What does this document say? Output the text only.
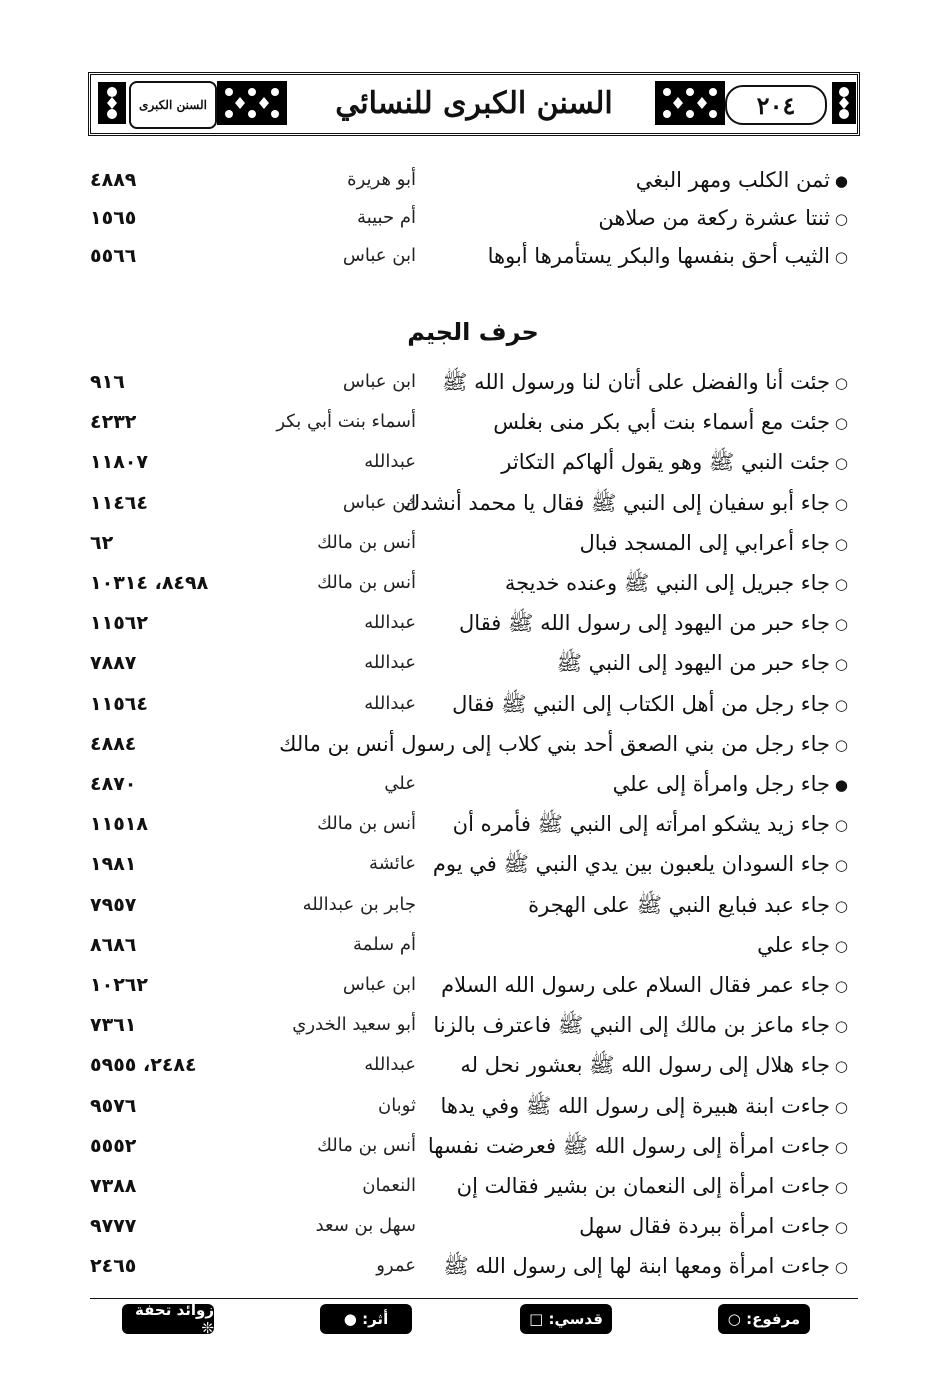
السنن الكبرى	السنن الكبرى للنسائي	٢٠٤
●ثمن الكلب ومهر البغي
أبو هريرة
٤٨٨٩
○ثنتا عشرة ركعة من صلاهن
أم حبيبة
١٥٦٥
○الثيب أحق بنفسها والبكر يستأمرها أبوها
ابن عباس
٥٥٦٦
حرف الجيم
○جئت أنا والفضل على أتان لنا ورسول الله ﷺ
ابن عباس
٩١٦
○جئت مع أسماء بنت أبي بكر منى بغلس
أسماء بنت أبي بكر
٤٢٣٢
○جئت النبي ﷺ وهو يقول ألهاكم التكاثر
عبدالله
١١٨٠٧
○جاء أبو سفيان إلى النبي ﷺ فقال يا محمد أنشدك
ابن عباس
١١٤٦٤
○جاء أعرابي إلى المسجد فبال
أنس بن مالك
٦٢
○جاء جبريل إلى النبي ﷺ وعنده خديجة
أنس بن مالك
٨٤٩٨، ١٠٣١٤
○جاء حبر من اليهود إلى رسول الله ﷺ فقال
عبدالله
١١٥٦٢
○جاء حبر من اليهود إلى النبي ﷺ
عبدالله
٧٨٨٧
○جاء رجل من أهل الكتاب إلى النبي ﷺ فقال
عبدالله
١١٥٦٤
○جاء رجل من بني الصعق أحد بني كلاب إلى رسول أنس بن مالك
٤٨٨٤
●جاء رجل وامرأة إلى علي
علي
٤٨٧٠
○جاء زيد يشكو امرأته إلى النبي ﷺ فأمره أن
أنس بن مالك
١١٥١٨
○جاء السودان يلعبون بين يدي النبي ﷺ في يوم
عائشة
١٩٨١
○جاء عبد فبايع النبي ﷺ على الهجرة
جابر بن عبدالله
٧٩٥٧
○جاء علي
أم سلمة
٨٦٨٦
○جاء عمر فقال السلام على رسول الله السلام
ابن عباس
١٠٢٦٢
○جاء ماعز بن مالك إلى النبي ﷺ فاعترف بالزنا
أبو سعيد الخدري
٧٣٦١
○جاء هلال إلى رسول الله ﷺ بعشور نحل له
عبدالله
٢٤٨٤، ٥٩٥٥
○جاءت ابنة هبيرة إلى رسول الله ﷺ وفي يدها
ثوبان
٩٥٧٦
○جاءت امرأة إلى رسول الله ﷺ فعرضت نفسها
أنس بن مالك
٥٥٥٢
○جاءت امرأة إلى النعمان بن بشير فقالت إن
النعمان
٧٣٨٨
○جاءت امرأة ببردة فقال سهل
سهل بن سعد
٩٧٧٧
○جاءت امرأة ومعها ابنة لها إلى رسول الله ﷺ
عمرو
٢٤٦٥
مرفوع: ○
قدسي: □
أثر: ●
زوائد تحفة ❊
